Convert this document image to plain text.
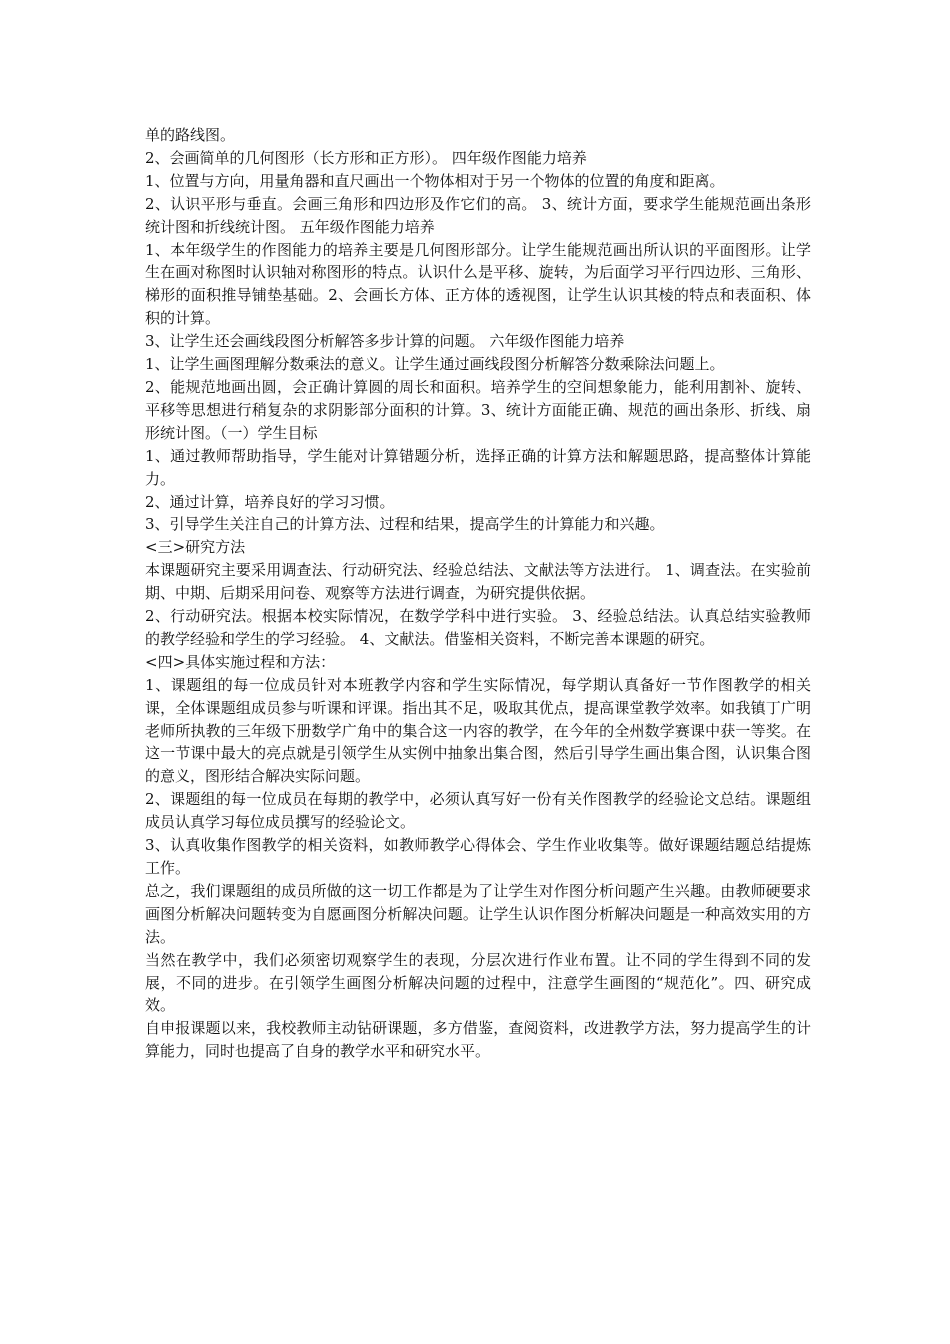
单的路线图。

2、会画简单的几何图形（长方形和正方形）。 四年级作图能力培养

1、位置与方向，用量角器和直尺画出一个物体相对于另一个物体的位置的角度和距离。

2、认识平形与垂直。会画三角形和四边形及作它们的高。 3、统计方面，要求学生能规范画出条形统计图和折线统计图。 五年级作图能力培养

1、本年级学生的作图能力的培养主要是几何图形部分。让学生能规范画出所认识的平面图形。让学生在画对称图时认识轴对称图形的特点。认识什么是平移、旋转，为后面学习平行四边形、三角形、梯形的面积推导铺垫基础。2、会画长方体、正方体的透视图，让学生认识其棱的特点和表面积、体积的计算。

3、让学生还会画线段图分析解答多步计算的问题。 六年级作图能力培养

1、让学生画图理解分数乘法的意义。让学生通过画线段图分析解答分数乘除法问题上。

2、能规范地画出圆，会正确计算圆的周长和面积。培养学生的空间想象能力，能利用割补、旋转、平移等思想进行稍复杂的求阴影部分面积的计算。3、统计方面能正确、规范的画出条形、折线、扇形统计图。（一）学生目标

1、通过教师帮助指导，学生能对计算错题分析，选择正确的计算方法和解题思路，提高整体计算能力。

2、通过计算，培养良好的学习习惯。

3、引导学生关注自己的计算方法、过程和结果，提高学生的计算能力和兴趣。

<三>研究方法

本课题研究主要采用调查法、行动研究法、经验总结法、文献法等方法进行。 1、调查法。在实验前期、中期、后期采用问卷、观察等方法进行调查，为研究提供依据。

2、行动研究法。根据本校实际情况，在数学学科中进行实验。 3、经验总结法。认真总结实验教师的教学经验和学生的学习经验。 4、文献法。借鉴相关资料，不断完善本课题的研究。

<四>具体实施过程和方法：

1、课题组的每一位成员针对本班教学内容和学生实际情况，每学期认真备好一节作图教学的相关课，全体课题组成员参与听课和评课。指出其不足，吸取其优点，提高课堂教学效率。如我镇丁广明老师所执教的三年级下册数学广角中的集合这一内容的教学，在今年的全州数学赛课中获一等奖。在这一节课中最大的亮点就是引领学生从实例中抽象出集合图，然后引导学生画出集合图，认识集合图的意义，图形结合解决实际问题。

2、课题组的每一位成员在每期的教学中，必须认真写好一份有关作图教学的经验论文总结。课题组成员认真学习每位成员撰写的经验论文。

3、认真收集作图教学的相关资料，如教师教学心得体会、学生作业收集等。做好课题结题总结提炼工作。

总之，我们课题组的成员所做的这一切工作都是为了让学生对作图分析问题产生兴趣。由教师硬要求画图分析解决问题转变为自愿画图分析解决问题。让学生认识作图分析解决问题是一种高效实用的方法。

当然在教学中，我们必须密切观察学生的表现，分层次进行作业布置。让不同的学生得到不同的发展，不同的进步。在引领学生画图分析解决问题的过程中，注意学生画图的“规范化”。四、研究成效。

自申报课题以来，我校教师主动钻研课题，多方借鉴，查阅资料，改进教学方法，努力提高学生的计算能力，同时也提高了自身的教学水平和研究水平。
